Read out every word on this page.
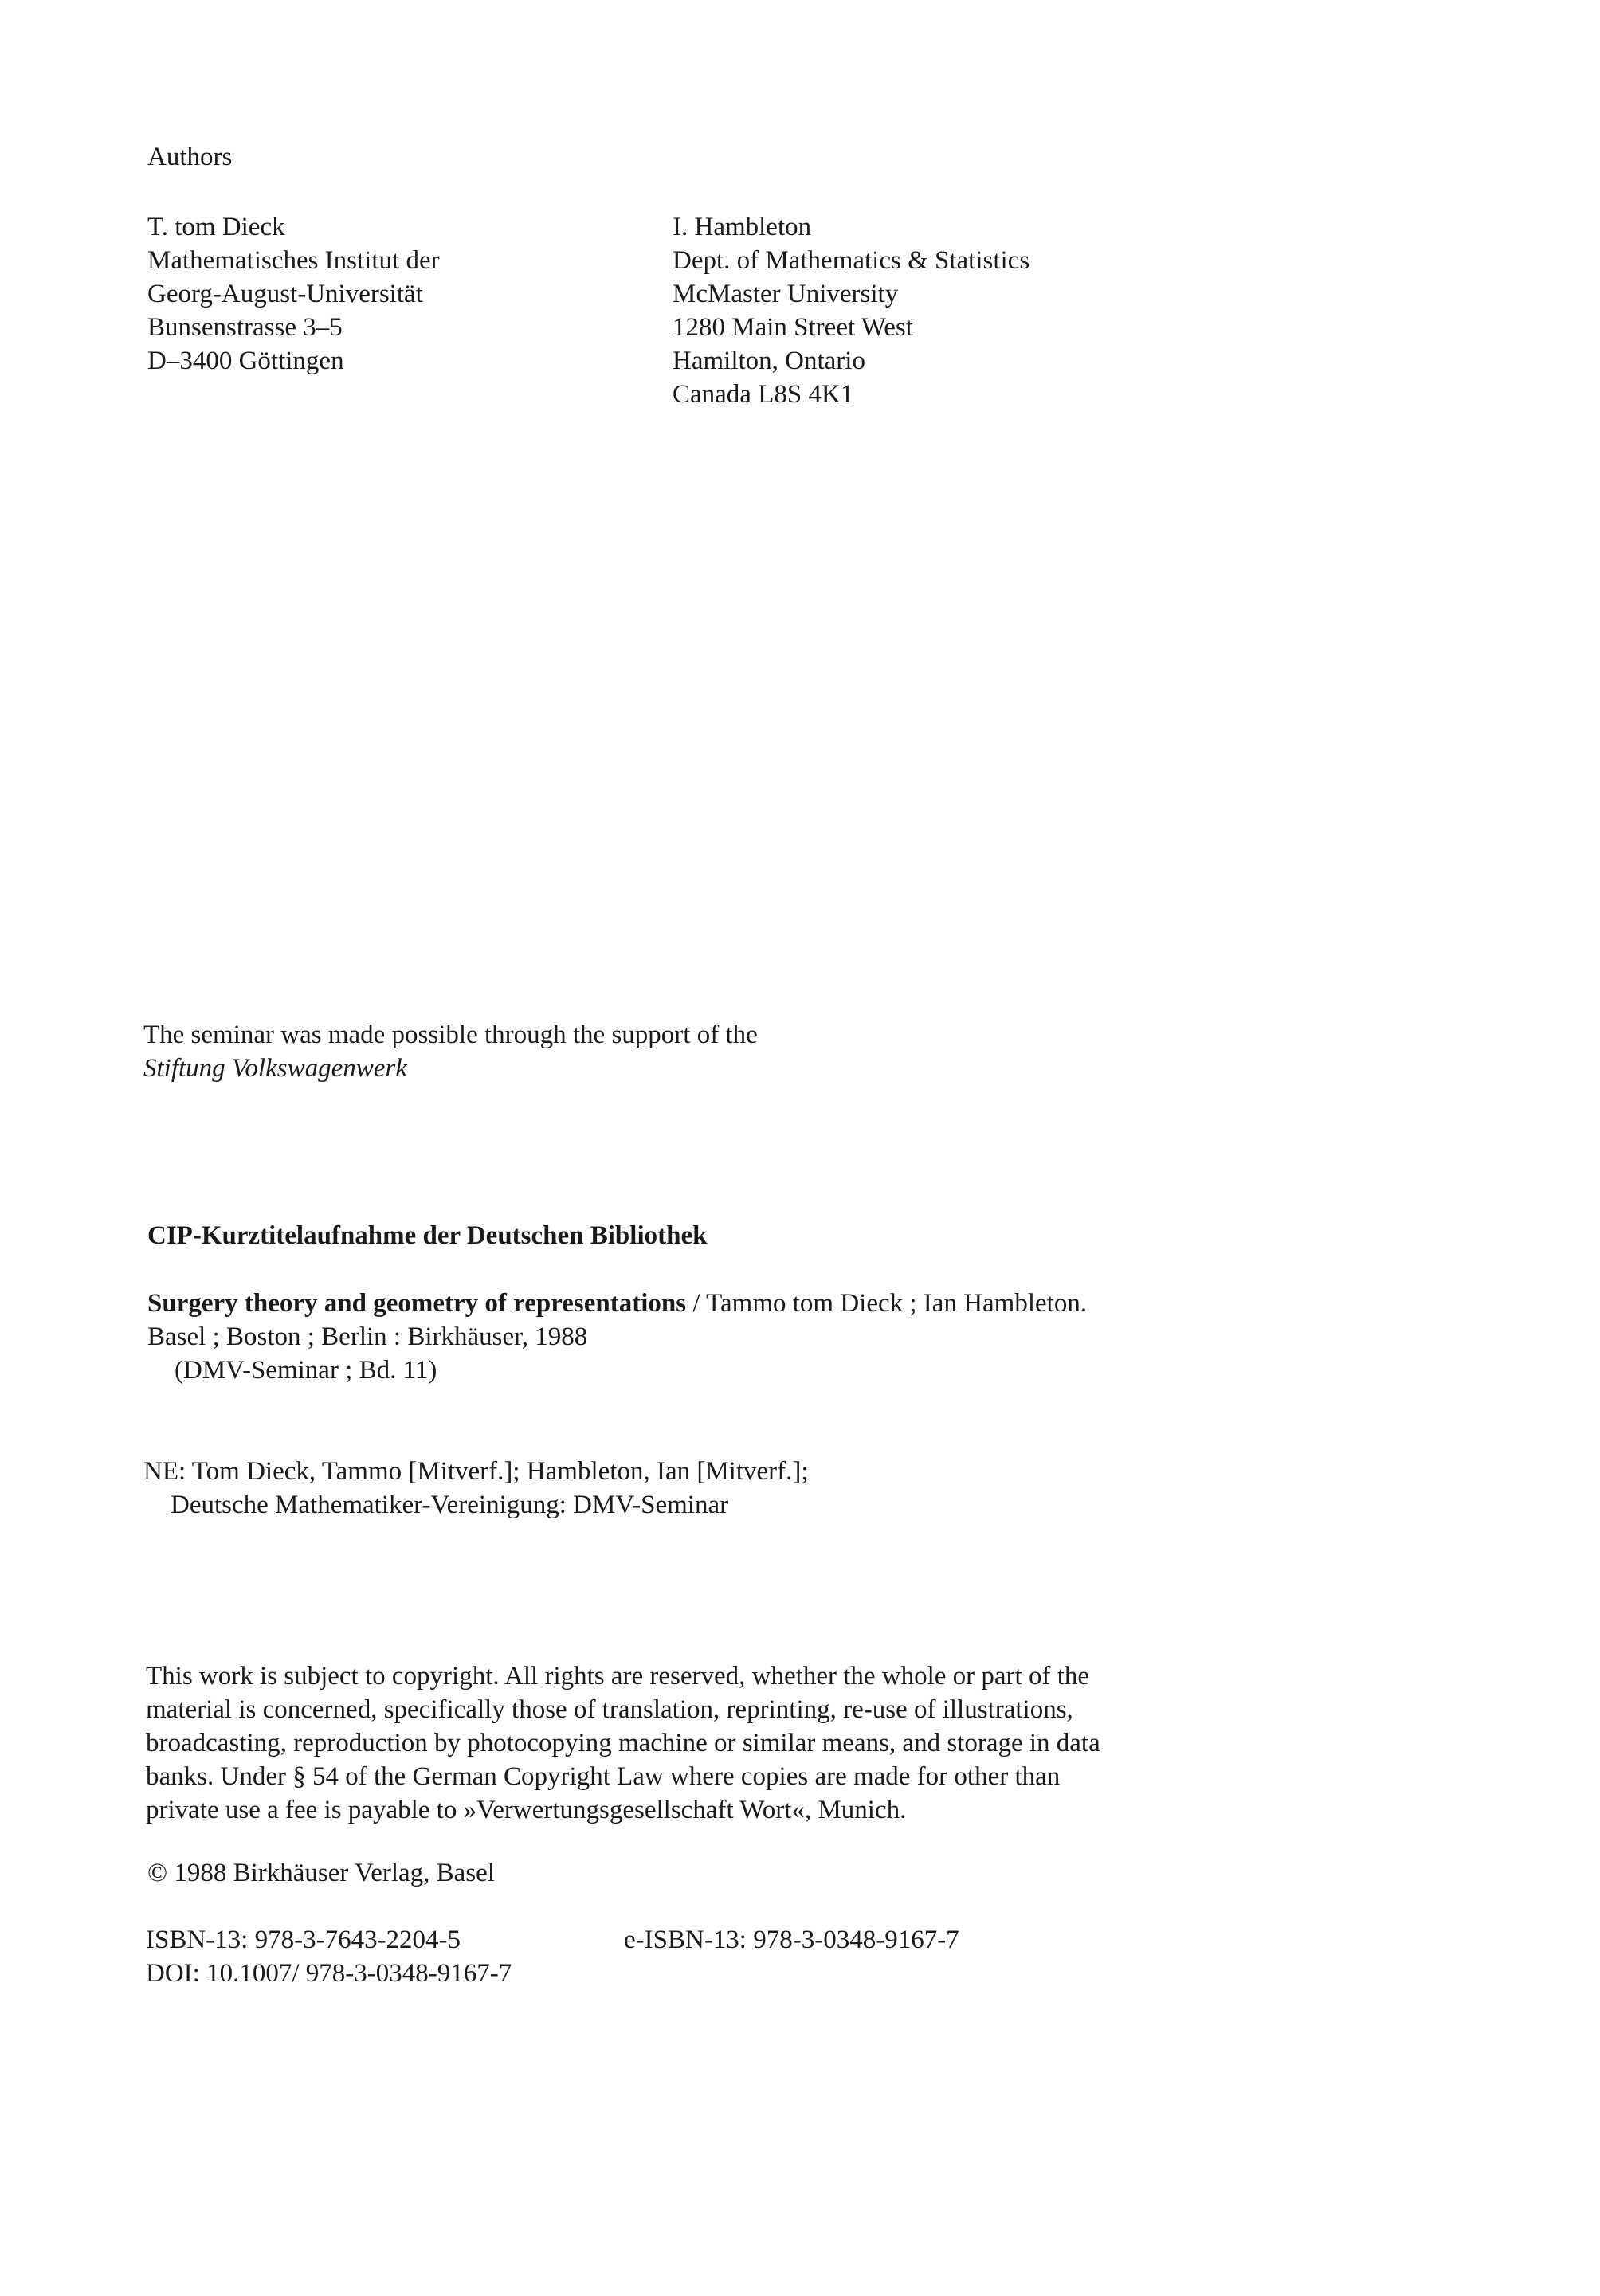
Authors
T. tom Dieck
Mathematisches Institut der
Georg-August-Universität
Bunsenstrasse 3–5
D–3400 Göttingen
I. Hambleton
Dept. of Mathematics & Statistics
McMaster University
1280 Main Street West
Hamilton, Ontario
Canada L8S 4K1
The seminar was made possible through the support of the
Stiftung Volkswagenwerk
CIP-Kurztitelaufnahme der Deutschen Bibliothek
Surgery theory and geometry of representations / Tammo tom Dieck ; Ian Hambleton.
Basel ; Boston ; Berlin : Birkhäuser, 1988
(DMV-Seminar ; Bd. 11)
NE: Tom Dieck, Tammo [Mitverf.]; Hambleton, Ian [Mitverf.];
Deutsche Mathematiker-Vereinigung: DMV-Seminar
This work is subject to copyright. All rights are reserved, whether the whole or part of the
material is concerned, specifically those of translation, reprinting, re-use of illustrations,
broadcasting, reproduction by photocopying machine or similar means, and storage in data
banks. Under § 54 of the German Copyright Law where copies are made for other than
private use a fee is payable to »Verwertungsgesellschaft Wort«, Munich.
© 1988 Birkhäuser Verlag, Basel
ISBN-13: 978-3-7643-2204-5
DOI: 10.1007/ 978-3-0348-9167-7
e-ISBN-13: 978-3-0348-9167-7
